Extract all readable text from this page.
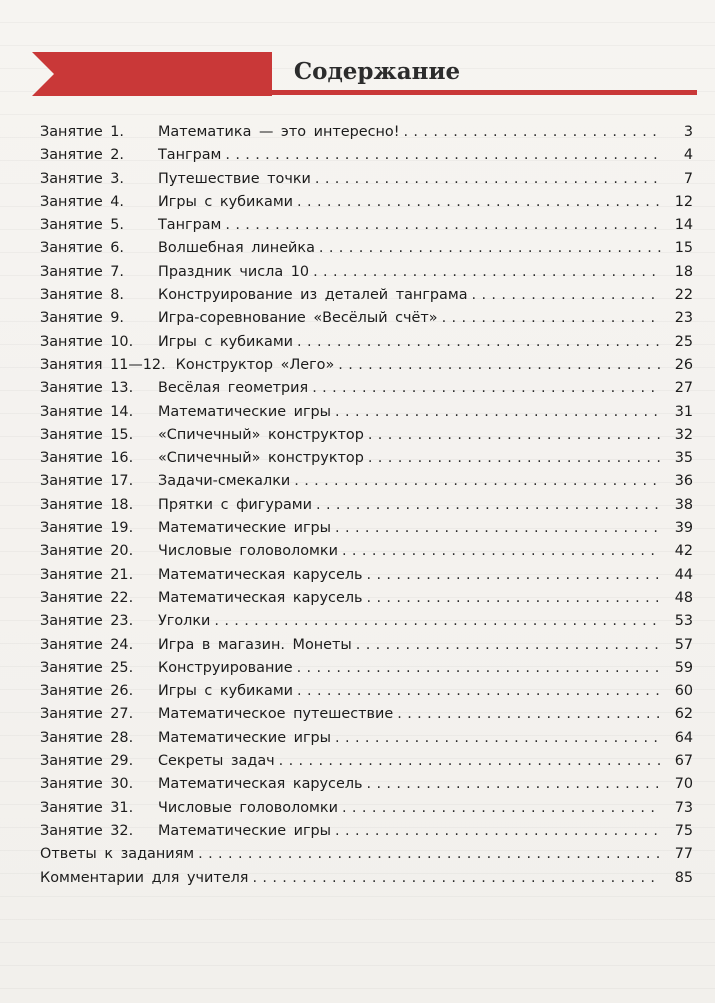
Содержание
Занятие 1.	Математика — это интересно! . . .	3
Занятие 2.	Танграм . . .	4
Занятие 3.	Путешествие точки . . .	7
Занятие 4.	Игры с кубиками . . .	12
Занятие 5.	Танграм . . .	14
Занятие 6.	Волшебная линейка . . .	15
Занятие 7.	Праздник числа 10 . . .	18
Занятие 8.	Конструирование из деталей танграма . . .	22
Занятие 9.	Игра-соревнование «Весёлый счёт» . . .	23
Занятие 10.	Игры с кубиками . . .	25
Занятия 11—12. Конструктор «Лего» . . .	26
Занятие 13.	Весёлая геометрия . . .	27
Занятие 14.	Математические игры . . .	31
Занятие 15.	«Спичечный» конструктор . . .	32
Занятие 16.	«Спичечный» конструктор . . .	35
Занятие 17.	Задачи-смекалки . . .	36
Занятие 18.	Прятки с фигурами . . .	38
Занятие 19.	Математические игры . . .	39
Занятие 20.	Числовые головоломки . . .	42
Занятие 21.	Математическая карусель . . .	44
Занятие 22.	Математическая карусель . . .	48
Занятие 23.	Уголки . . .	53
Занятие 24.	Игра в магазин. Монеты . . .	57
Занятие 25.	Конструирование . . .	59
Занятие 26.	Игры с кубиками . . .	60
Занятие 27.	Математическое путешествие . . .	62
Занятие 28.	Математические игры . . .	64
Занятие 29.	Секреты задач . . .	67
Занятие 30.	Математическая карусель . . .	70
Занятие 31.	Числовые головоломки . . .	73
Занятие 32.	Математические игры . . .	75
Ответы к заданиям . . .	77
Комментарии для учителя . . .	85
